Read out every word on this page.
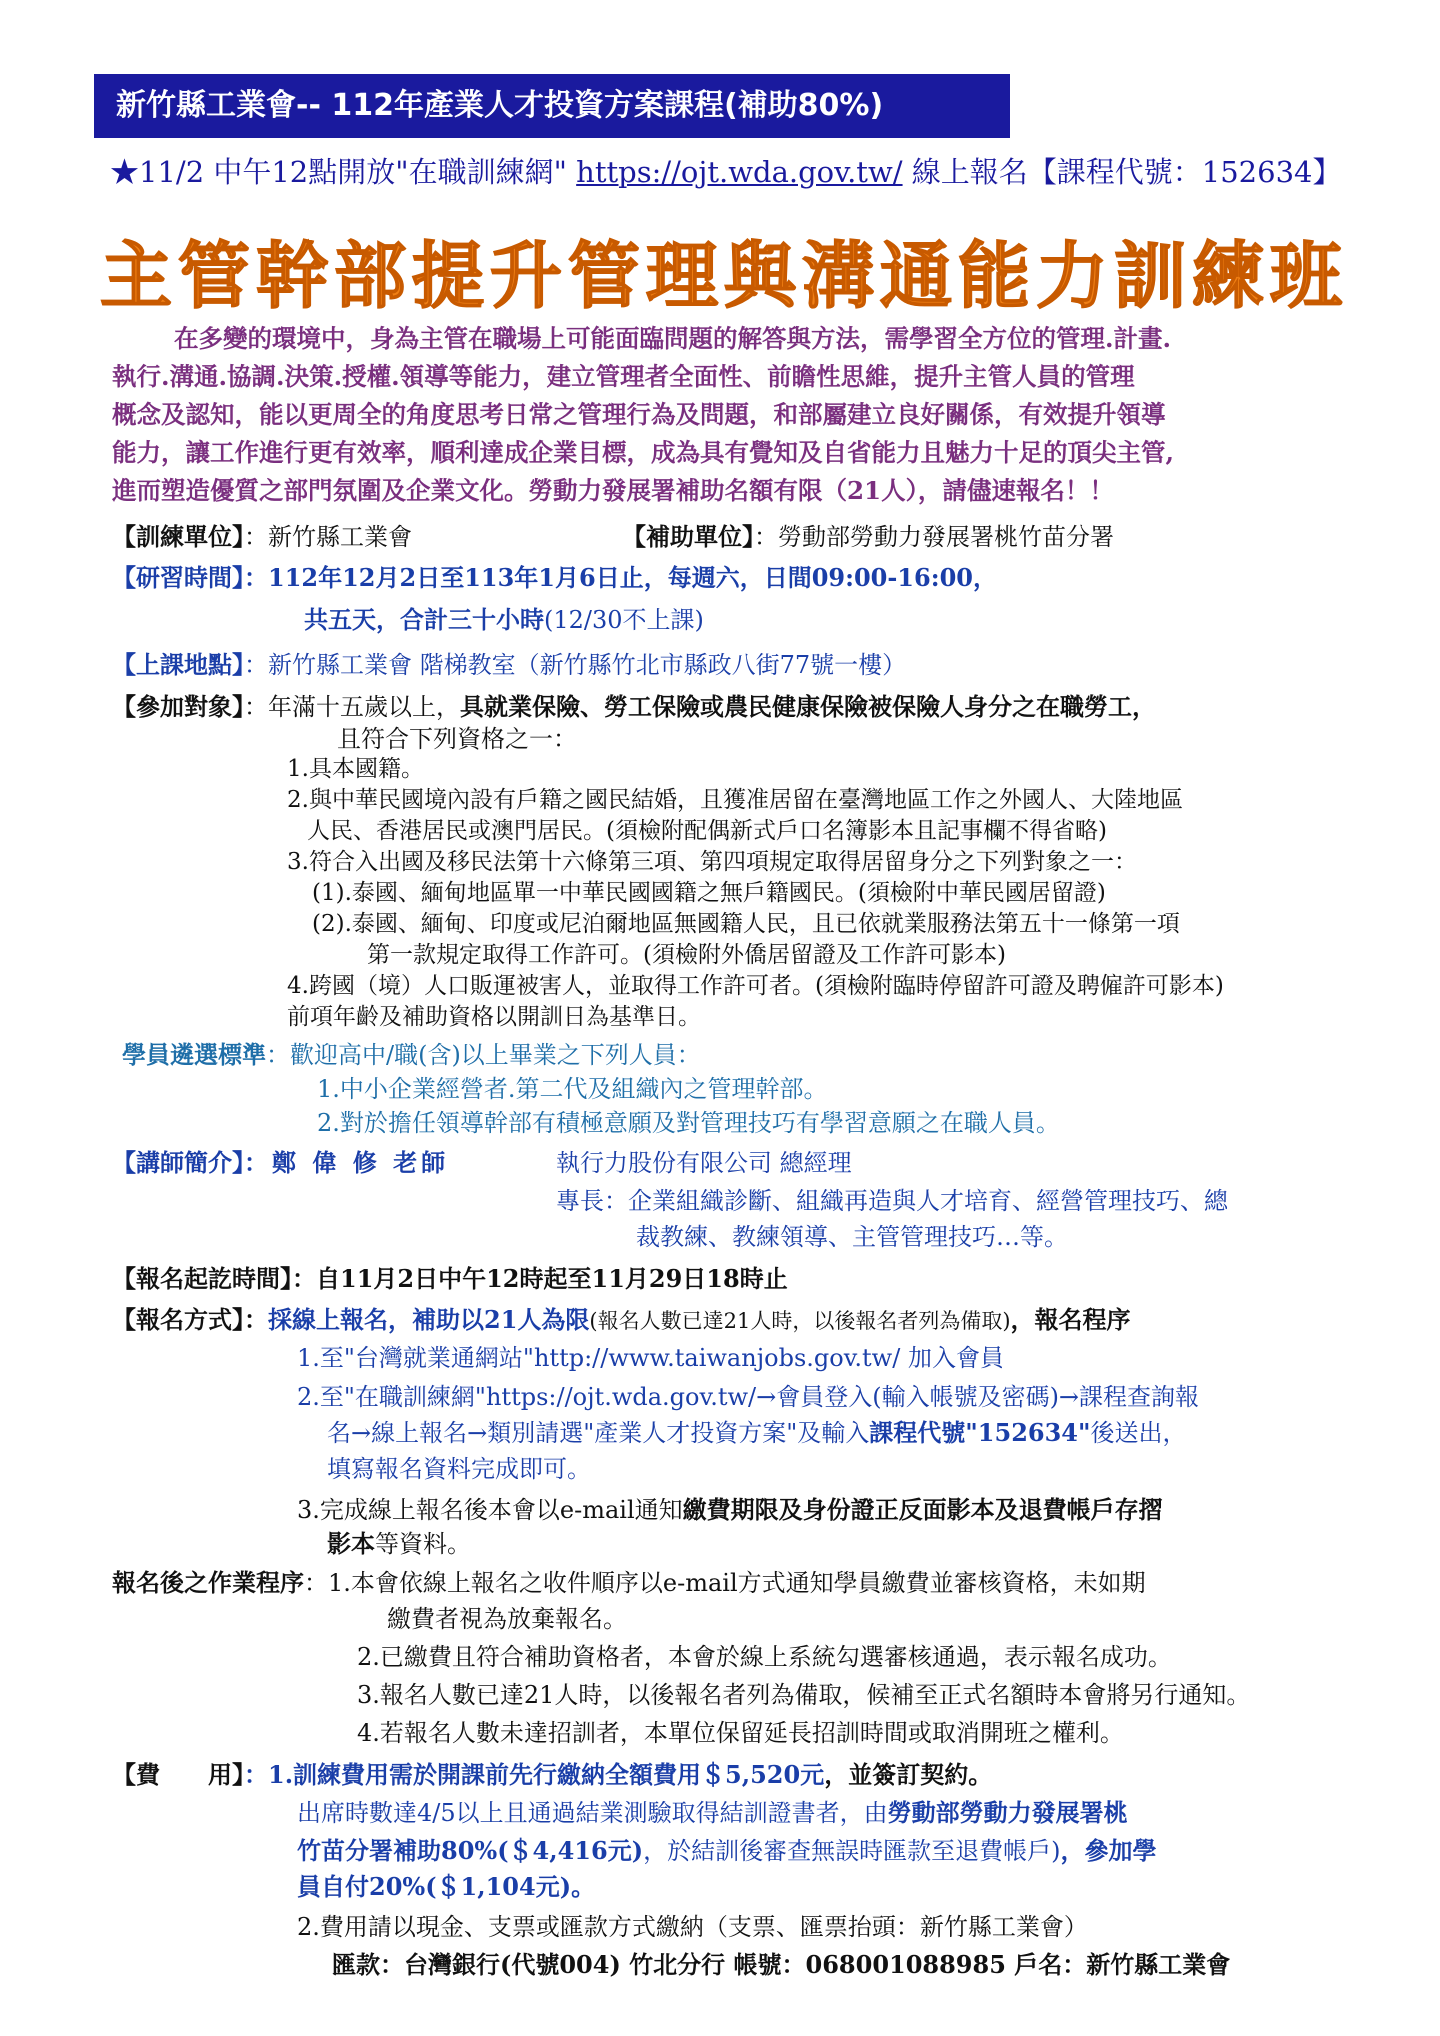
新竹縣工業會-- 112年產業人才投資方案課程(補助80%)
★11/2 中午12點開放"在職訓練網" https://ojt.wda.gov.tw/ 線上報名【課程代號：152634】
主管幹部提升管理與溝通能力訓練班
在多變的環境中，身為主管在職場上可能面臨問題的解答與方法，需學習全方位的管理.計畫.
執行.溝通.協調.決策.授權.領導等能力，建立管理者全面性、前瞻性思維，提升主管人員的管理
概念及認知，能以更周全的角度思考日常之管理行為及問題，和部屬建立良好關係，有效提升領導
能力，讓工作進行更有效率，順利達成企業目標，成為具有覺知及自省能力且魅力十足的頂尖主管,
進而塑造優質之部門氛圍及企業文化。勞動力發展署補助名額有限（21人），請儘速報名！！
【訓練單位】：新竹縣工業會	【補助單位】：勞動部勞動力發展署桃竹苗分署
【研習時間】：112年12月2日至113年1月6日止，每週六，日間09:00-16:00，
共五天，合計三十小時(12/30不上課)
【上課地點】：新竹縣工業會 階梯教室（新竹縣竹北市縣政八街77號一樓）
【參加對象】：年滿十五歲以上，具就業保險、勞工保險或農民健康保險被保險人身分之在職勞工，
且符合下列資格之一：
1.具本國籍。
2.與中華民國境內設有戶籍之國民結婚，且獲准居留在臺灣地區工作之外國人、大陸地區
人民、香港居民或澳門居民。(須檢附配偶新式戶口名簿影本且記事欄不得省略)
3.符合入出國及移民法第十六條第三項、第四項規定取得居留身分之下列對象之一：
(1).泰國、緬甸地區單一中華民國國籍之無戶籍國民。(須檢附中華民國居留證)
(2).泰國、緬甸、印度或尼泊爾地區無國籍人民，且已依就業服務法第五十一條第一項
第一款規定取得工作許可。(須檢附外僑居留證及工作許可影本)
4.跨國（境）人口販運被害人，並取得工作許可者。(須檢附臨時停留許可證及聘僱許可影本)
前項年齡及補助資格以開訓日為基準日。
學員遴選標準：歡迎高中/職(含)以上畢業之下列人員：
1.中小企業經營者.第二代及組織內之管理幹部。
2.對於擔任領導幹部有積極意願及對管理技巧有學習意願之在職人員。
【講師簡介】：鄭 偉 修 老師	執行力股份有限公司 總經理
專長：企業組織診斷、組織再造與人才培育、經營管理技巧、總
裁教練、教練領導、主管管理技巧…等。
【報名起訖時間】：自11月2日中午12時起至11月29日18時止
【報名方式】：採線上報名，補助以21人為限(報名人數已達21人時，以後報名者列為備取)，報名程序
1.至"台灣就業通網站"http://www.taiwanjobs.gov.tw/ 加入會員
2.至"在職訓練網"https://ojt.wda.gov.tw/→會員登入(輸入帳號及密碼)→課程查詢報
名→線上報名→類別請選"產業人才投資方案"及輸入課程代號"152634"後送出，
填寫報名資料完成即可。
3.完成線上報名後本會以e-mail通知繳費期限及身份證正反面影本及退費帳戶存摺
影本等資料。
報名後之作業程序：1.本會依線上報名之收件順序以e-mail方式通知學員繳費並審核資格，未如期
繳費者視為放棄報名。
2.已繳費且符合補助資格者，本會於線上系統勾選審核通過，表示報名成功。
3.報名人數已達21人時，以後報名者列為備取，候補至正式名額時本會將另行通知。
4.若報名人數未達招訓者，本單位保留延長招訓時間或取消開班之權利。
【費　　用】：1.訓練費用需於開課前先行繳納全額費用＄5,520元，並簽訂契約。
出席時數達4/5以上且通過結業測驗取得結訓證書者，由勞動部勞動力發展署桃
竹苗分署補助80%(＄4,416元)，於結訓後審查無誤時匯款至退費帳戶)，參加學
員自付20%(＄1,104元)。
2.費用請以現金、支票或匯款方式繳納（支票、匯票抬頭：新竹縣工業會）
匯款：台灣銀行(代號004) 竹北分行 帳號：068001088985 戶名：新竹縣工業會
